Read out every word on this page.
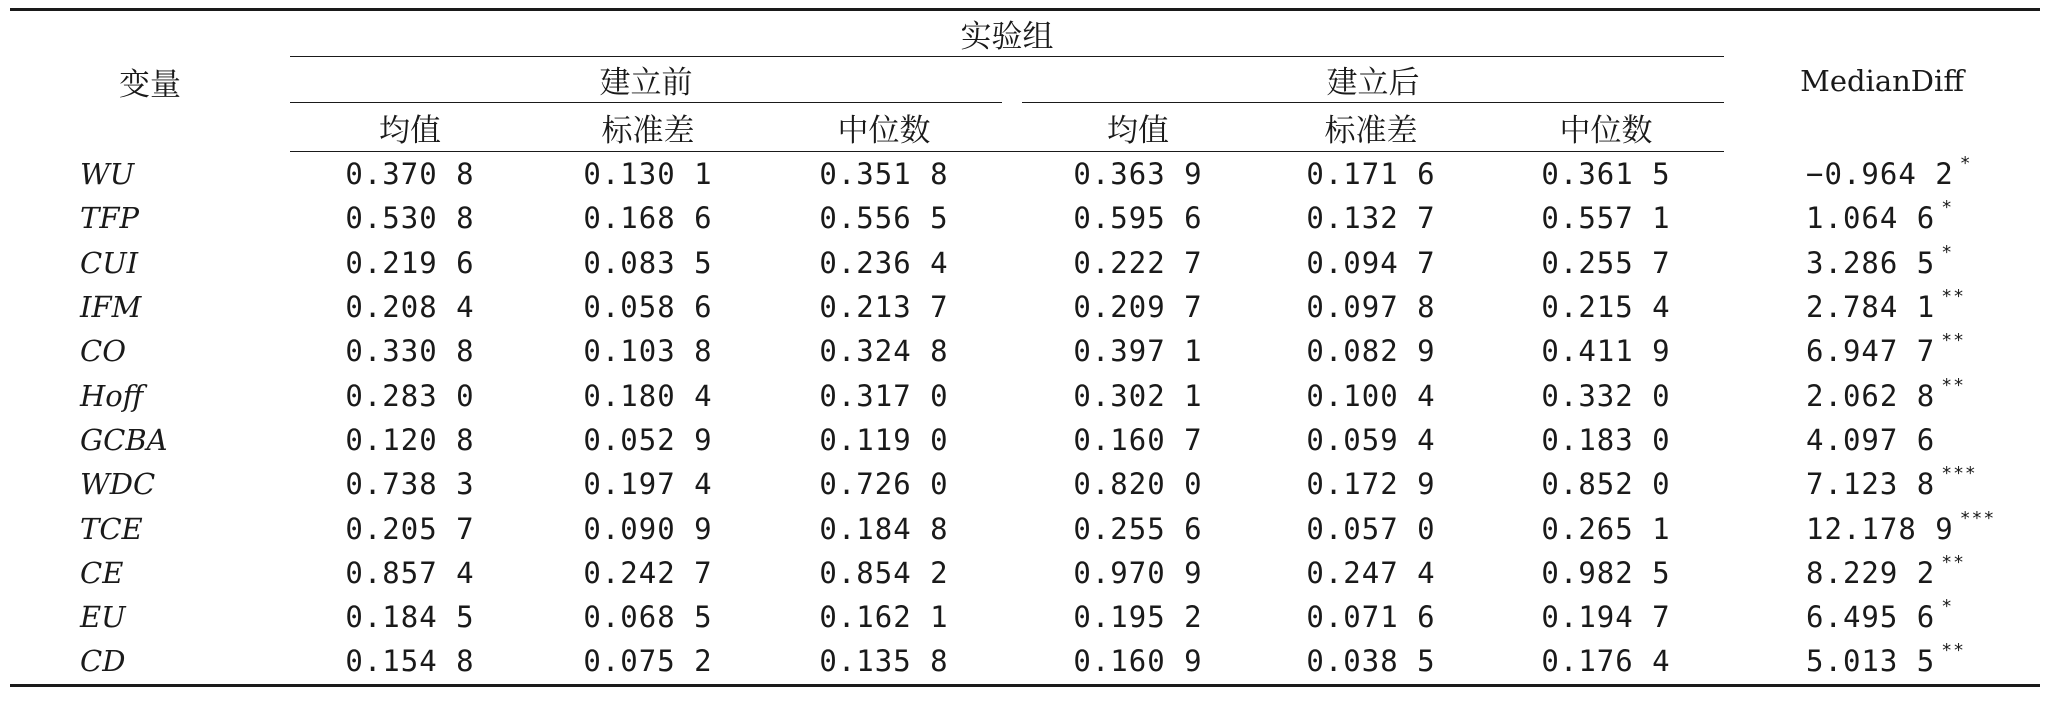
变量	实验组							MedianDiff
	建立前				建立后			
	均值	标准差	中位数		均值	标准差	中位数	
WU	0.370 8	0.130 1	0.351 8		0.363 9	0.171 6	0.361 5	−0.964 2 *
TFP	0.530 8	0.168 6	0.556 5		0.595 6	0.132 7	0.557 1	1.064 6 *
CUI	0.219 6	0.083 5	0.236 4		0.222 7	0.094 7	0.255 7	3.286 5 *
IFM	0.208 4	0.058 6	0.213 7		0.209 7	0.097 8	0.215 4	2.784 1 **
CO	0.330 8	0.103 8	0.324 8		0.397 1	0.082 9	0.411 9	6.947 7 **
Hoff	0.283 0	0.180 4	0.317 0		0.302 1	0.100 4	0.332 0	2.062 8 **
GCBA	0.120 8	0.052 9	0.119 0		0.160 7	0.059 4	0.183 0	4.097 6
WDC	0.738 3	0.197 4	0.726 0		0.820 0	0.172 9	0.852 0	7.123 8 ***
TCE	0.205 7	0.090 9	0.184 8		0.255 6	0.057 0	0.265 1	12.178 9 ***
CE	0.857 4	0.242 7	0.854 2		0.970 9	0.247 4	0.982 5	8.229 2 **
EU	0.184 5	0.068 5	0.162 1		0.195 2	0.071 6	0.194 7	6.495 6 *
CD	0.154 8	0.075 2	0.135 8		0.160 9	0.038 5	0.176 4	5.013 5 **
